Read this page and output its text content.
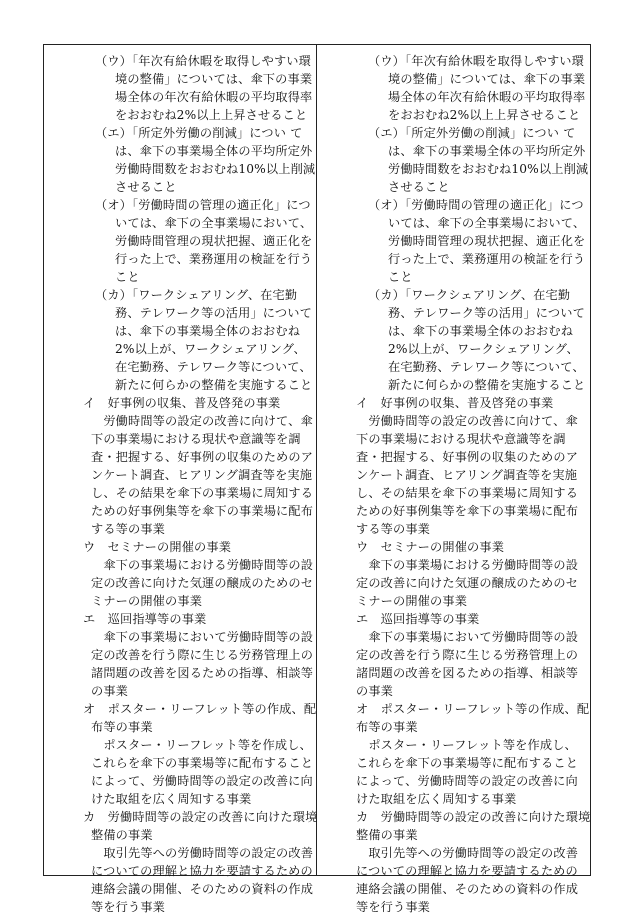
（ウ）「年次有給休暇を取得しやすい環
境の整備」については、傘下の事業
場全体の年次有給休暇の平均取得率
をおおむね2%以上上昇させること
（エ）「所定外労働の削減」につい て
は、傘下の事業場全体の平均所定外
労働時間数をおおむね10%以上削減
させること
（オ）「労働時間の管理の適正化」につ
いては、傘下の全事業場において、
労働時間管理の現状把握、適正化を
行った上で、業務運用の検証を行う
こと
（カ）「ワークシェアリング、在宅勤
務、テレワーク等の活用」について
は、傘下の事業場全体のおおむね
2%以上が、ワークシェアリング、
在宅勤務、テレワーク等について、
新たに何らかの整備を実施すること
イ　好事例の収集、普及啓発の事業
　労働時間等の設定の改善に向けて、傘
下の事業場における現状や意識等を調
査・把握する、好事例の収集のためのア
ンケート調査、ヒアリング調査等を実施
し、その結果を傘下の事業場に周知する
ための好事例集等を傘下の事業場に配布
する等の事業
ウ　セミナーの開催の事業
　傘下の事業場における労働時間等の設
定の改善に向けた気運の醸成のためのセ
ミナーの開催の事業
エ　巡回指導等の事業
　傘下の事業場において労働時間等の設
定の改善を行う際に生じる労務管理上の
諸問題の改善を図るための指導、相談等
の事業
オ　ポスター・リーフレット等の作成、配
布等の事業
　ポスター・リーフレット等を作成し、
これらを傘下の事業場等に配布すること
によって、労働時間等の設定の改善に向
けた取組を広く周知する事業
カ　労働時間等の設定の改善に向けた環境
整備の事業
　取引先等への労働時間等の設定の改善
についての理解と協力を要請するための
連絡会議の開催、そのための資料の作成
等を行う事業
（ウ）「年次有給休暇を取得しやすい環
境の整備」については、傘下の事業
場全体の年次有給休暇の平均取得率
をおおむね2%以上上昇させること
（エ）「所定外労働の削減」につい て
は、傘下の事業場全体の平均所定外
労働時間数をおおむね10%以上削減
させること
（オ）「労働時間の管理の適正化」につ
いては、傘下の全事業場において、
労働時間管理の現状把握、適正化を
行った上で、業務運用の検証を行う
こと
（カ）「ワークシェアリング、在宅勤
務、テレワーク等の活用」について
は、傘下の事業場全体のおおむね
2%以上が、ワークシェアリング、
在宅勤務、テレワーク等について、
新たに何らかの整備を実施すること
イ　好事例の収集、普及啓発の事業
　労働時間等の設定の改善に向けて、傘
下の事業場における現状や意識等を調
査・把握する、好事例の収集のためのア
ンケート調査、ヒアリング調査等を実施
し、その結果を傘下の事業場に周知する
ための好事例集等を傘下の事業場に配布
する等の事業
ウ　セミナーの開催の事業
　傘下の事業場における労働時間等の設
定の改善に向けた気運の醸成のためのセ
ミナーの開催の事業
エ　巡回指導等の事業
　傘下の事業場において労働時間等の設
定の改善を行う際に生じる労務管理上の
諸問題の改善を図るための指導、相談等
の事業
オ　ポスター・リーフレット等の作成、配
布等の事業
　ポスター・リーフレット等を作成し、
これらを傘下の事業場等に配布すること
によって、労働時間等の設定の改善に向
けた取組を広く周知する事業
カ　労働時間等の設定の改善に向けた環境
整備の事業
　取引先等への労働時間等の設定の改善
についての理解と協力を要請するための
連絡会議の開催、そのための資料の作成
等を行う事業
